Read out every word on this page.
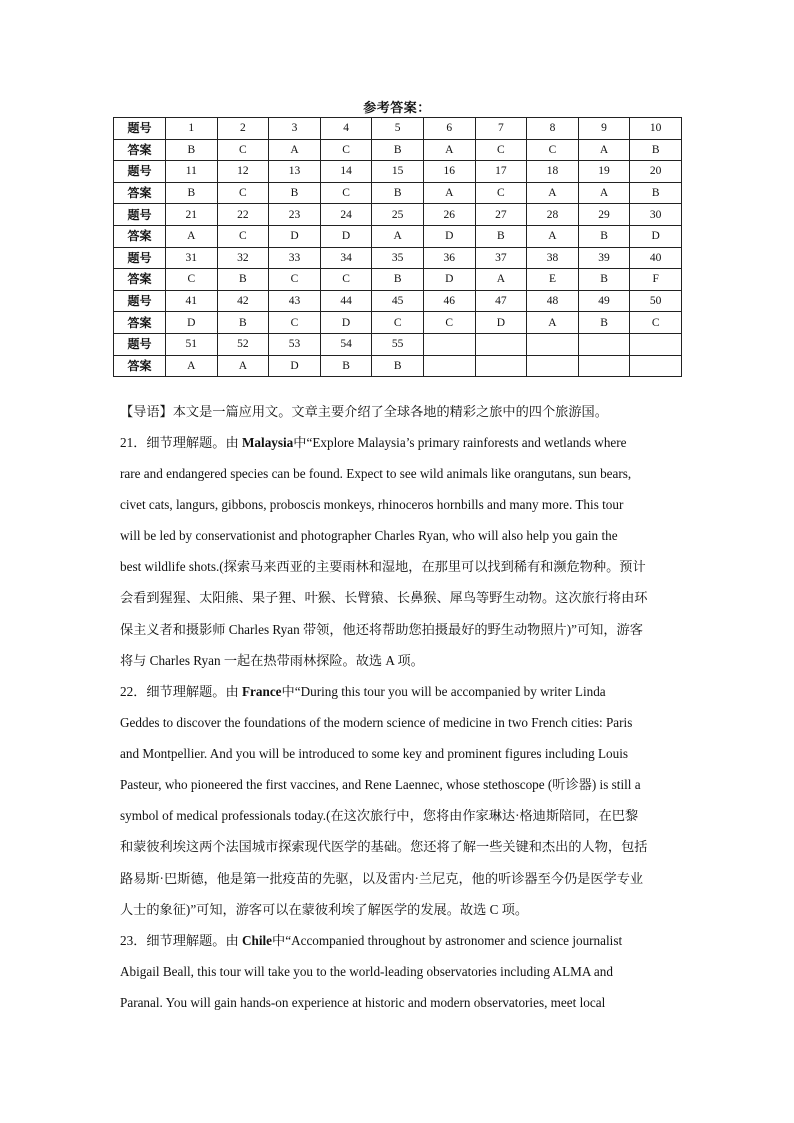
参考答案：
题号	1	2	3	4	5	6	7	8	9	10
答案	B	C	A	C	B	A	C	C	A	B
题号	11	12	13	14	15	16	17	18	19	20
答案	B	C	B	C	B	A	C	A	A	B
题号	21	22	23	24	25	26	27	28	29	30
答案	A	C	D	D	A	D	B	A	B	D
题号	31	32	33	34	35	36	37	38	39	40
答案	C	B	C	C	B	D	A	E	B	F
题号	41	42	43	44	45	46	47	48	49	50
答案	D	B	C	D	C	C	D	A	B	C
题号	51	52	53	54	55					
答案	A	A	D	B	B					
【导语】本文是一篇应用文。文章主要介绍了全球各地的精彩之旅中的四个旅游国。
21．细节理解题。由 Malaysia中“Explore Malaysia’s primary rainforests and wetlands where
rare and endangered species can be found. Expect to see wild animals like orangutans, sun bears,
civet cats, langurs, gibbons, proboscis monkeys, rhinoceros hornbills and many more. This tour
will be led by conservationist and photographer Charles Ryan, who will also help you gain the
best wildlife shots.(探索马来西亚的主要雨林和湿地，在那里可以找到稀有和濒危物种。预计
会看到猩猩、太阳熊、果子狸、叶猴、长臂猿、长鼻猴、犀鸟等野生动物。这次旅行将由环
保主义者和摄影师 Charles Ryan 带领，他还将帮助您拍摄最好的野生动物照片)”可知，游客
将与 Charles Ryan 一起在热带雨林探险。故选 A 项。
22．细节理解题。由 France中“During this tour you will be accompanied by writer Linda
Geddes to discover the foundations of the modern science of medicine in two French cities: Paris
and Montpellier. And you will be introduced to some key and prominent figures including Louis
Pasteur, who pioneered the first vaccines, and Rene Laennec, whose stethoscope (听诊器) is still a
symbol of medical professionals today.(在这次旅行中，您将由作家琳达·格迪斯陪同，在巴黎
和蒙彼利埃这两个法国城市探索现代医学的基础。您还将了解一些关键和杰出的人物，包括
路易斯·巴斯德，他是第一批疫苗的先驱，以及雷内·兰尼克，他的听诊器至今仍是医学专业
人士的象征)”可知，游客可以在蒙彼利埃了解医学的发展。故选 C 项。
23．细节理解题。由 Chile中“Accompanied throughout by astronomer and science journalist
Abigail Beall, this tour will take you to the world-leading observatories including ALMA and
Paranal. You will gain hands-on experience at historic and modern observatories, meet local
